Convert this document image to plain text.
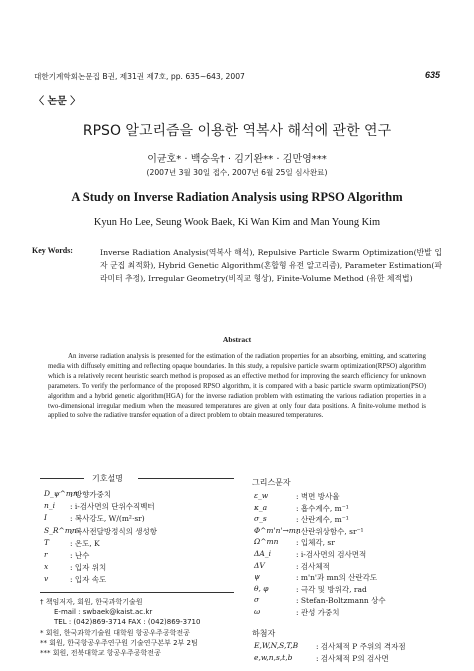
대한기계학회논문집 B권, 제31권 제7호, pp. 635~643, 2007	635
〈 논문 〉
RPSO 알고리즘을 이용한 역복사 해석에 관한 연구
이균호* · 백승욱† · 김기완** · 김만영***
(2007년 3월 30일 접수, 2007년 6월 25일 심사완료)
A Study on Inverse Radiation Analysis using RPSO Algorithm
Kyun Ho Lee, Seung Wook Baek, Ki Wan Kim and Man Young Kim
Key Words:	Inverse Radiation Analysis(역복사 해석), Repulsive Particle Swarm Optimization(반발 입자 군집 최적화), Hybrid Genetic Algorithm(혼합형 유전 알고리즘), Parameter Estimation(파라미터 추정), Irregular Geometry(비직교 형상), Finite-Volume Method (유한 체적법)
Abstract
An inverse radiation analysis is presented for the estimation of the radiation properties for an absorbing, emitting, and scattering media with diffusely emitting and reflecting opaque boundaries. In this study, a repulsive particle swarm optimization(RPSO) algorithm which is a relatively recent heuristic search method is proposed as an effective method for improving the search efficiency for unknown parameters. To verify the performance of the proposed RPSO algorithm, it is compared with a basic particle swarm optimization(PSO) algorithm and a hybrid genetic algorithm(HGA) for the inverse radiation problem with estimating the various radiation properties in a two-dimensional irregular medium when the measured temperatures are given at only four data positions. A finite-volume method is applied to solve the radiative transfer equation of a direct problem to obtain measured temperatures.
기호설명
D_ψ^mn
: 방향가중치
n_i : i-검사면의 단위수직벡터
I	: 복사강도, W/(m²·sr)
S_R^mn
: 복사전달방정식의 생성항
T	: 온도, K
r	: 난수
x	: 입자 위치
v	: 입자 속도
그리스문자
ε_w	: 벽면 방사율
κ_a	: 흡수계수, m⁻¹
σ_s	: 산란계수, m⁻¹
Φ^m'n'→mn
: 산란위상함수, sr⁻¹
Ω^mn : 입체각, sr
ΔA_i	: i-검사면의 검사면적
ΔV	: 검사체적
ψ	: m'n'과 mn의 산란각도
θ, φ	: 극각 및 방위각, rad
σ	: Stefan-Boltzmann 상수
ω	: 관성 가중치
하첨자
E,W,N,S,T,B : 검사체적 P 주위의 격자점
e,w,n,s,t,b	: 검사체적 P의 검사면
† 책임저자, 회원, 한국과학기술원
E-mail : swbaek@kaist.ac.kr
TEL : (042)869-3714 FAX : (042)869-3710
* 회원, 한국과학기술원 대학원 항공우주공학전공
** 회원, 한국항공우주연구원 기술연구본부 2부 2팀
*** 회원, 전북대학교 항공우주공학전공
